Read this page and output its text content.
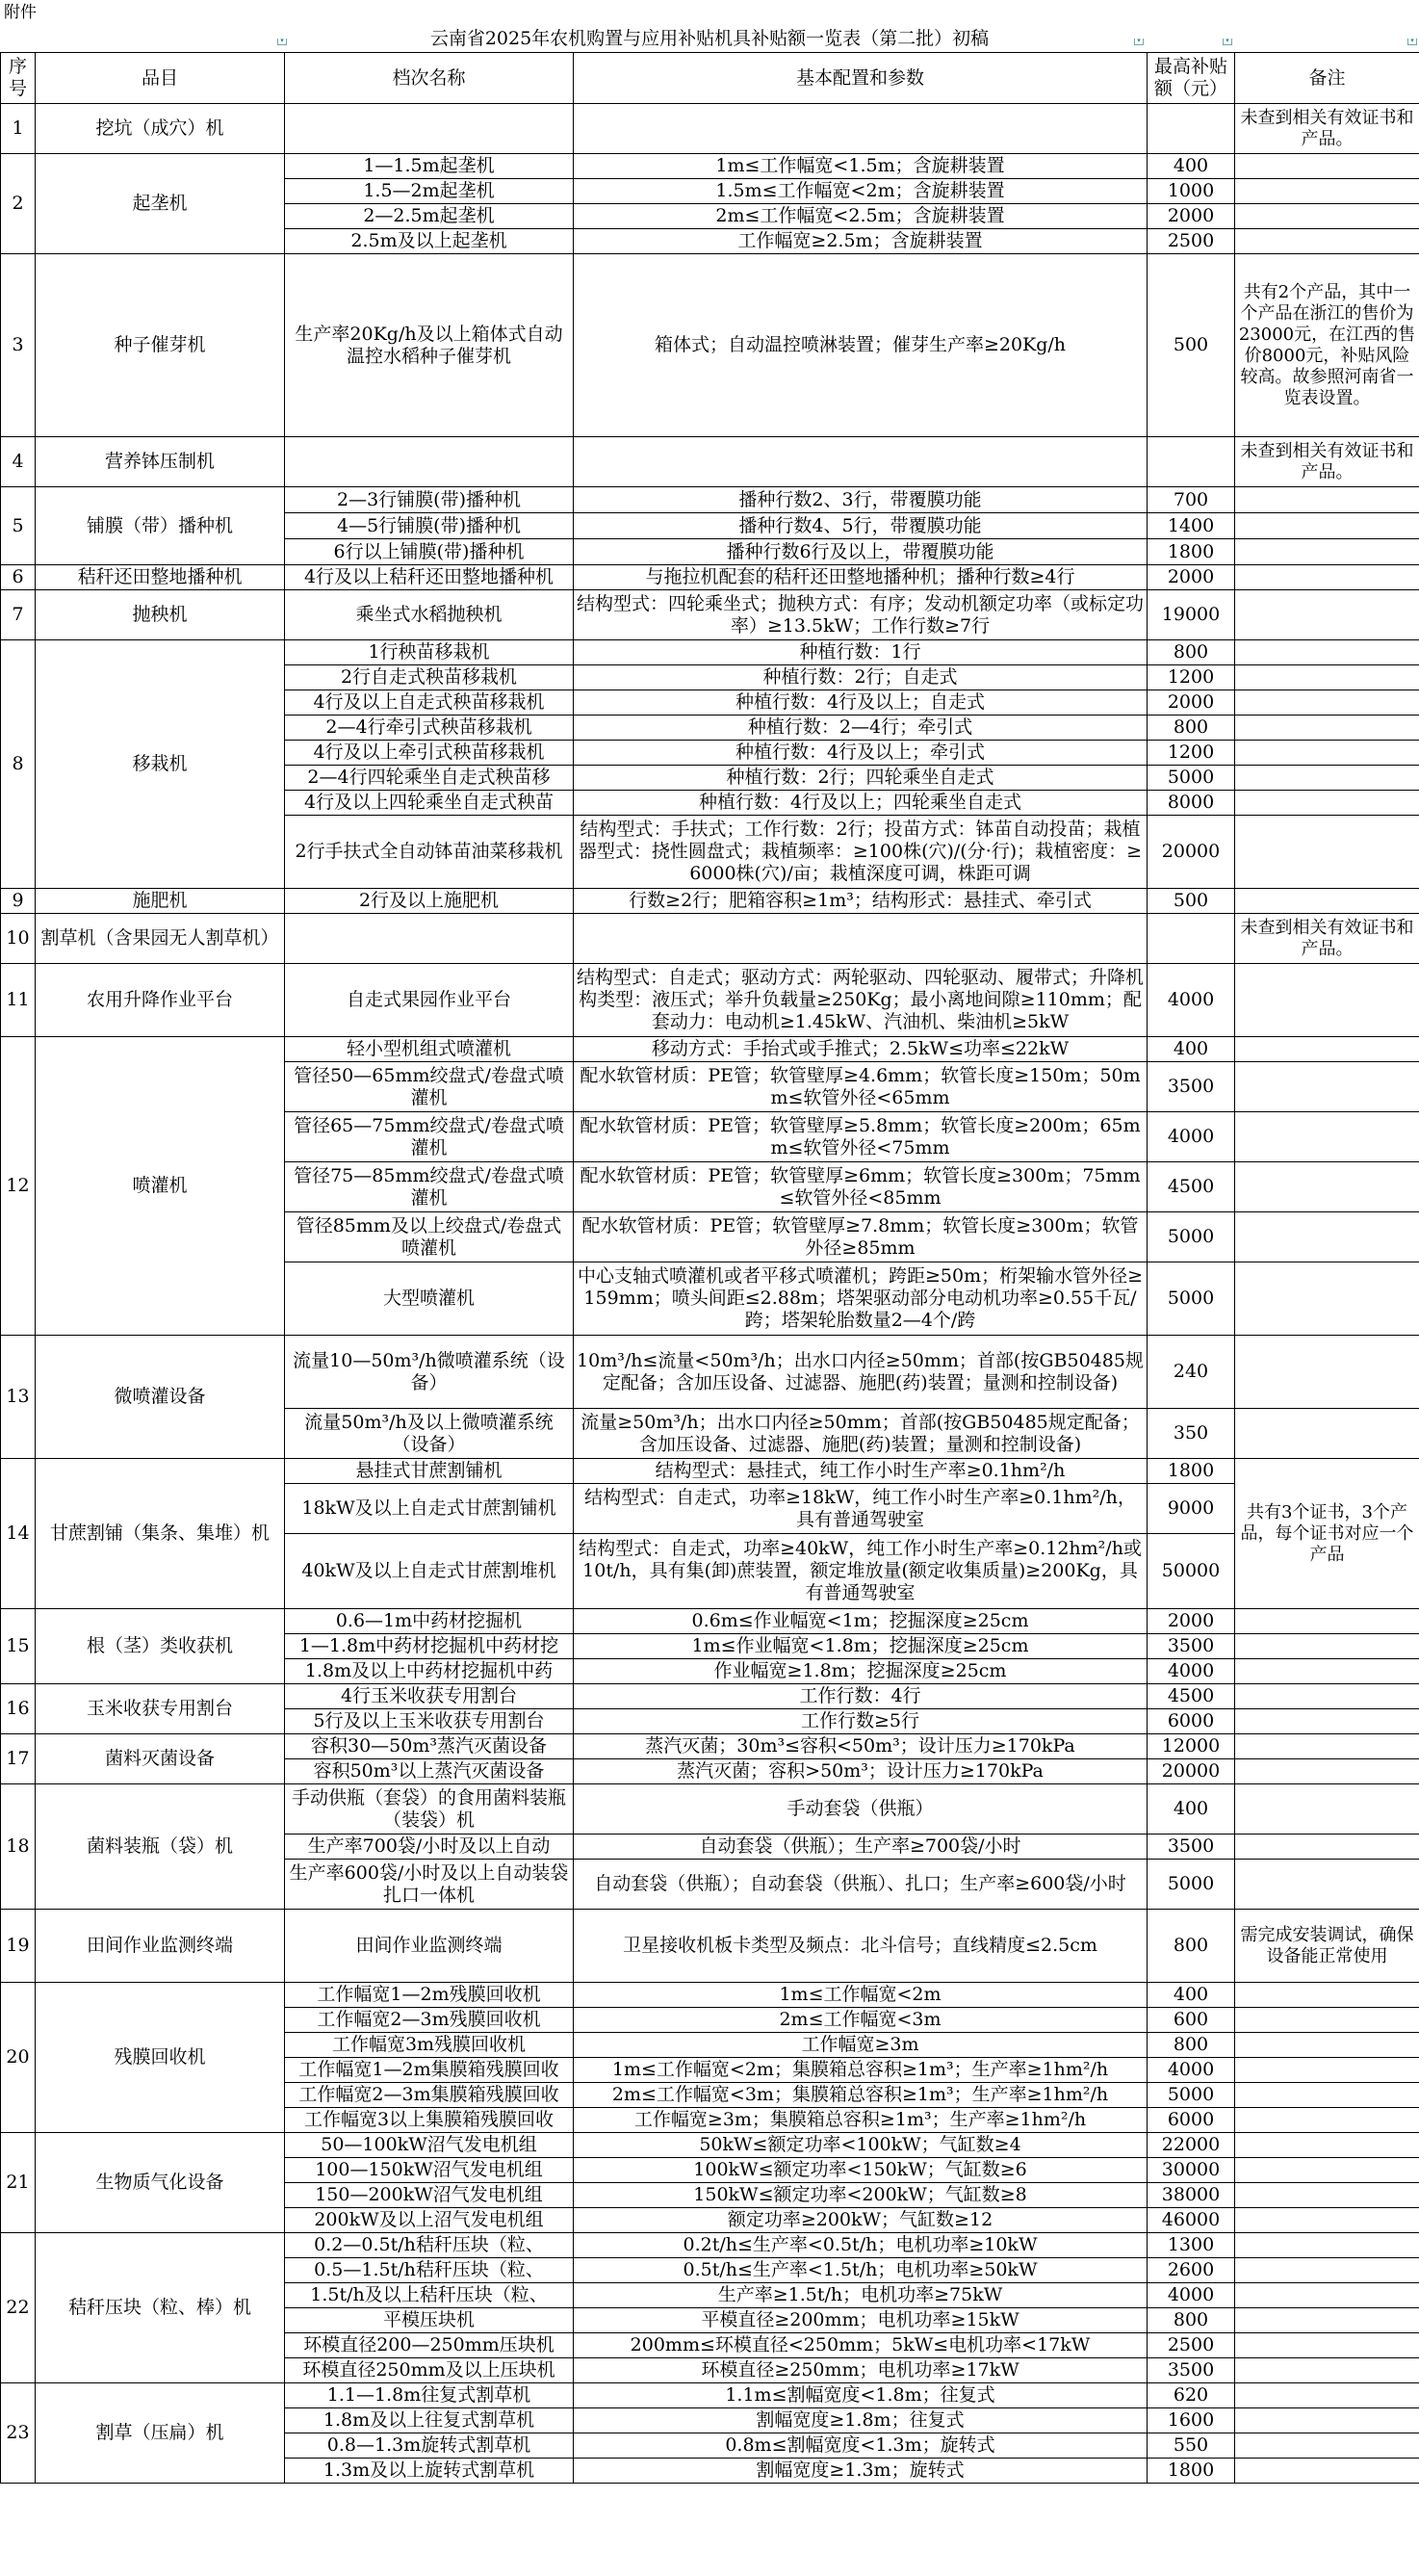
附件
云南省2025年农机购置与应用补贴机具补贴额一览表（第二批）初稿
▾	▾	▾	▾
序号	品目	档次名称	基本配置和参数	最高补贴额（元）	备注
1	挖坑（成穴）机				未查到相关有效证书和产品。
2	起垄机	1—1.5m起垄机	1m≤工作幅宽<1.5m；含旋耕装置	400	
		1.5—2m起垄机	1.5m≤工作幅宽<2m；含旋耕装置	1000	
		2—2.5m起垄机	2m≤工作幅宽<2.5m；含旋耕装置	2000	
		2.5m及以上起垄机	工作幅宽≥2.5m；含旋耕装置	2500	
3	种子催芽机	生产率20Kg/h及以上箱体式自动温控水稻种子催芽机	箱体式；自动温控喷淋装置；催芽生产率≥20Kg/h	500	共有2个产品，其中一个产品在浙江的售价为23000元，在江西的售价8000元，补贴风险较高。故参照河南省一览表设置。
4	营养钵压制机				未查到相关有效证书和产品。
5	铺膜（带）播种机	2—3行铺膜(带)播种机	播种行数2、3行，带覆膜功能	700	
		4—5行铺膜(带)播种机	播种行数4、5行，带覆膜功能	1400	
		6行以上铺膜(带)播种机	播种行数6行及以上，带覆膜功能	1800	
6	秸秆还田整地播种机	4行及以上秸秆还田整地播种机	与拖拉机配套的秸秆还田整地播种机；播种行数≥4行	2000	
7	抛秧机	乘坐式水稻抛秧机	结构型式：四轮乘坐式；抛秧方式：有序；发动机额定功率（或标定功率）≥13.5kW；工作行数≥7行	19000	
8	移栽机	1行秧苗移栽机	种植行数：1行	800	
		2行自走式秧苗移栽机	种植行数：2行；自走式	1200	
		4行及以上自走式秧苗移栽机	种植行数：4行及以上；自走式	2000	
		2—4行牵引式秧苗移栽机	种植行数：2—4行；牵引式	800	
		4行及以上牵引式秧苗移栽机	种植行数：4行及以上；牵引式	1200	
		2—4行四轮乘坐自走式秧苗移	种植行数：2行；四轮乘坐自走式	5000	
		4行及以上四轮乘坐自走式秧苗	种植行数：4行及以上；四轮乘坐自走式	8000	
		2行手扶式全自动钵苗油菜移栽机	结构型式：手扶式；工作行数：2行；投苗方式：钵苗自动投苗；栽植器型式：挠性圆盘式；栽植频率：≥100株(穴)/(分·行)；栽植密度：≥6000株(穴)/亩；栽植深度可调，株距可调	20000	
9	施肥机	2行及以上施肥机	行数≥2行；肥箱容积≥1m³；结构形式：悬挂式、牵引式	500	
10	割草机（含果园无人割草机）				未查到相关有效证书和产品。
11	农用升降作业平台	自走式果园作业平台	结构型式：自走式；驱动方式：两轮驱动、四轮驱动、履带式；升降机构类型：液压式；举升负载量≥250Kg；最小离地间隙≥110mm；配套动力：电动机≥1.45kW、汽油机、柴油机≥5kW	4000	
12	喷灌机	轻小型机组式喷灌机	移动方式：手抬式或手推式；2.5kW≤功率≤22kW	400	
		管径50—65mm绞盘式/卷盘式喷灌机	配水软管材质：PE管；软管壁厚≥4.6mm；软管长度≥150m；50mm≤软管外径<65mm	3500	
		管径65—75mm绞盘式/卷盘式喷灌机	配水软管材质：PE管；软管壁厚≥5.8mm；软管长度≥200m；65mm≤软管外径<75mm	4000	
		管径75—85mm绞盘式/卷盘式喷灌机	配水软管材质：PE管；软管壁厚≥6mm；软管长度≥300m；75mm≤软管外径<85mm	4500	
		管径85mm及以上绞盘式/卷盘式喷灌机	配水软管材质：PE管；软管壁厚≥7.8mm；软管长度≥300m；软管外径≥85mm	5000	
		大型喷灌机	中心支轴式喷灌机或者平移式喷灌机；跨距≥50m；桁架输水管外径≥159mm；喷头间距≤2.88m；塔架驱动部分电动机功率≥0.55千瓦/跨；塔架轮胎数量2—4个/跨	5000	
13	微喷灌设备	流量10—50m³/h微喷灌系统（设备）	10m³/h≤流量<50m³/h；出水口内径≥50mm；首部(按GB50485规定配备；含加压设备、过滤器、施肥(药)装置；量测和控制设备)	240	
		流量50m³/h及以上微喷灌系统（设备）	流量≥50m³/h；出水口内径≥50mm；首部(按GB50485规定配备；含加压设备、过滤器、施肥(药)装置；量测和控制设备)	350	
14	甘蔗割铺（集条、集堆）机	悬挂式甘蔗割铺机	结构型式：悬挂式，纯工作小时生产率≥0.1hm²/h	1800	共有3个证书，3个产品，每个证书对应一个产品
		18kW及以上自走式甘蔗割铺机	结构型式：自走式，功率≥18kW，纯工作小时生产率≥0.1hm²/h，具有普通驾驶室	9000	
		40kW及以上自走式甘蔗割堆机	结构型式：自走式，功率≥40kW，纯工作小时生产率≥0.12hm²/h或10t/h，具有集(卸)蔗装置，额定堆放量(额定收集质量)≥200Kg，具有普通驾驶室	50000	
15	根（茎）类收获机	0.6—1m中药材挖掘机	0.6m≤作业幅宽<1m；挖掘深度≥25cm	2000	
		1—1.8m中药材挖掘机中药材挖	1m≤作业幅宽<1.8m；挖掘深度≥25cm	3500	
		1.8m及以上中药材挖掘机中药	作业幅宽≥1.8m；挖掘深度≥25cm	4000	
16	玉米收获专用割台	4行玉米收获专用割台	工作行数：4行	4500	
		5行及以上玉米收获专用割台	工作行数≥5行	6000	
17	菌料灭菌设备	容积30—50m³蒸汽灭菌设备	蒸汽灭菌；30m³≤容积<50m³；设计压力≥170kPa	12000	
		容积50m³以上蒸汽灭菌设备	蒸汽灭菌；容积>50m³；设计压力≥170kPa	20000	
18	菌料装瓶（袋）机	手动供瓶（套袋）的食用菌料装瓶（装袋）机	手动套袋（供瓶）	400	
		生产率700袋/小时及以上自动	自动套袋（供瓶）；生产率≥700袋/小时	3500	
		生产率600袋/小时及以上自动装袋扎口一体机	自动套袋（供瓶）；自动套袋（供瓶）、扎口；生产率≥600袋/小时	5000	
19	田间作业监测终端	田间作业监测终端	卫星接收机板卡类型及频点：北斗信号；直线精度≤2.5cm	800	需完成安装调试，确保设备能正常使用
20	残膜回收机	工作幅宽1—2m残膜回收机	1m≤工作幅宽<2m	400	
		工作幅宽2—3m残膜回收机	2m≤工作幅宽<3m	600	
		工作幅宽3m残膜回收机	工作幅宽≥3m	800	
		工作幅宽1—2m集膜箱残膜回收	1m≤工作幅宽<2m；集膜箱总容积≥1m³；生产率≥1hm²/h	4000	
		工作幅宽2—3m集膜箱残膜回收	2m≤工作幅宽<3m；集膜箱总容积≥1m³；生产率≥1hm²/h	5000	
		工作幅宽3以上集膜箱残膜回收	工作幅宽≥3m；集膜箱总容积≥1m³；生产率≥1hm²/h	6000	
21	生物质气化设备	50—100kW沼气发电机组	50kW≤额定功率<100kW；气缸数≥4	22000	
		100—150kW沼气发电机组	100kW≤额定功率<150kW；气缸数≥6	30000	
		150—200kW沼气发电机组	150kW≤额定功率<200kW；气缸数≥8	38000	
		200kW及以上沼气发电机组	额定功率≥200kW；气缸数≥12	46000	
22	秸秆压块（粒、棒）机	0.2—0.5t/h秸秆压块（粒、	0.2t/h≤生产率<0.5t/h；电机功率≥10kW	1300	
		0.5—1.5t/h秸秆压块（粒、	0.5t/h≤生产率<1.5t/h；电机功率≥50kW	2600	
		1.5t/h及以上秸秆压块（粒、	生产率≥1.5t/h；电机功率≥75kW	4000	
		平模压块机	平模直径≥200mm；电机功率≥15kW	800	
		环模直径200—250mm压块机	200mm≤环模直径<250mm；5kW≤电机功率<17kW	2500	
		环模直径250mm及以上压块机	环模直径≥250mm；电机功率≥17kW	3500	
23	割草（压扁）机	1.1—1.8m往复式割草机	1.1m≤割幅宽度<1.8m；往复式	620	
		1.8m及以上往复式割草机	割幅宽度≥1.8m；往复式	1600	
		0.8—1.3m旋转式割草机	0.8m≤割幅宽度<1.3m；旋转式	550	
		1.3m及以上旋转式割草机	割幅宽度≥1.3m；旋转式	1800	
